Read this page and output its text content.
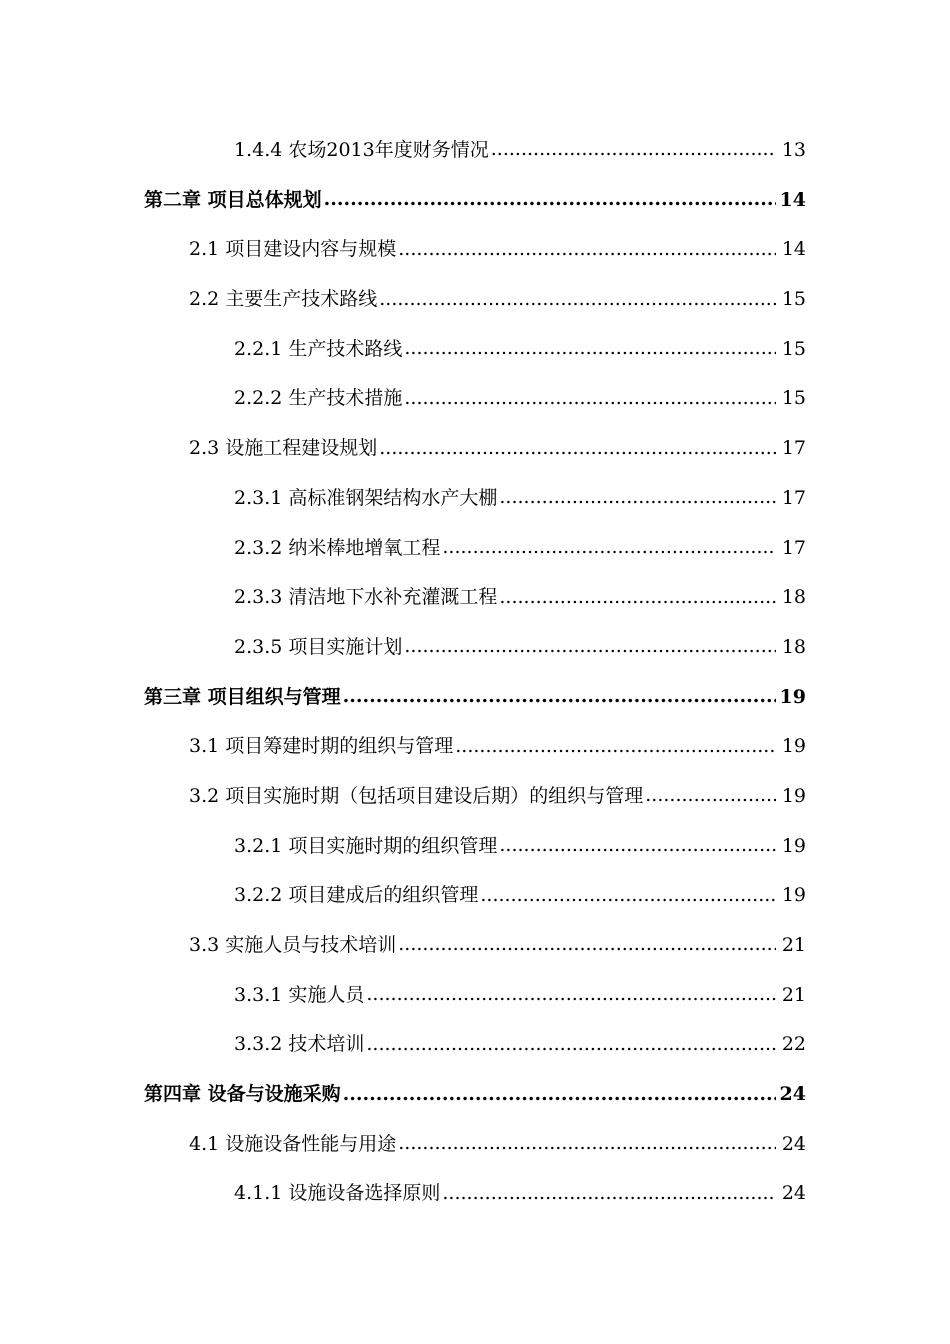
1.4.4 农场2013年度财务情况 .....	13
第二章 项目总体规划 .....	14
2.1 项目建设内容与规模 .....	14
2.2 主要生产技术路线 .....	15
2.2.1 生产技术路线 .....	15
2.2.2 生产技术措施 .....	15
2.3 设施工程建设规划 .....	17
2.3.1 高标准钢架结构水产大棚 .....	17
2.3.2 纳米棒地增氧工程 .....	17
2.3.3 清洁地下水补充灌溉工程 .....	18
2.3.5 项目实施计划 .....	18
第三章 项目组织与管理 .....	19
3.1 项目筹建时期的组织与管理 .....	19
3.2 项目实施时期（包括项目建设后期）的组织与管理 .....	19
3.2.1 项目实施时期的组织管理 .....	19
3.2.2 项目建成后的组织管理 .....	19
3.3 实施人员与技术培训 .....	21
3.3.1 实施人员 .....	21
3.3.2 技术培训 .....	22
第四章 设备与设施采购 .....	24
4.1 设施设备性能与用途 .....	24
4.1.1 设施设备选择原则 .....	24
